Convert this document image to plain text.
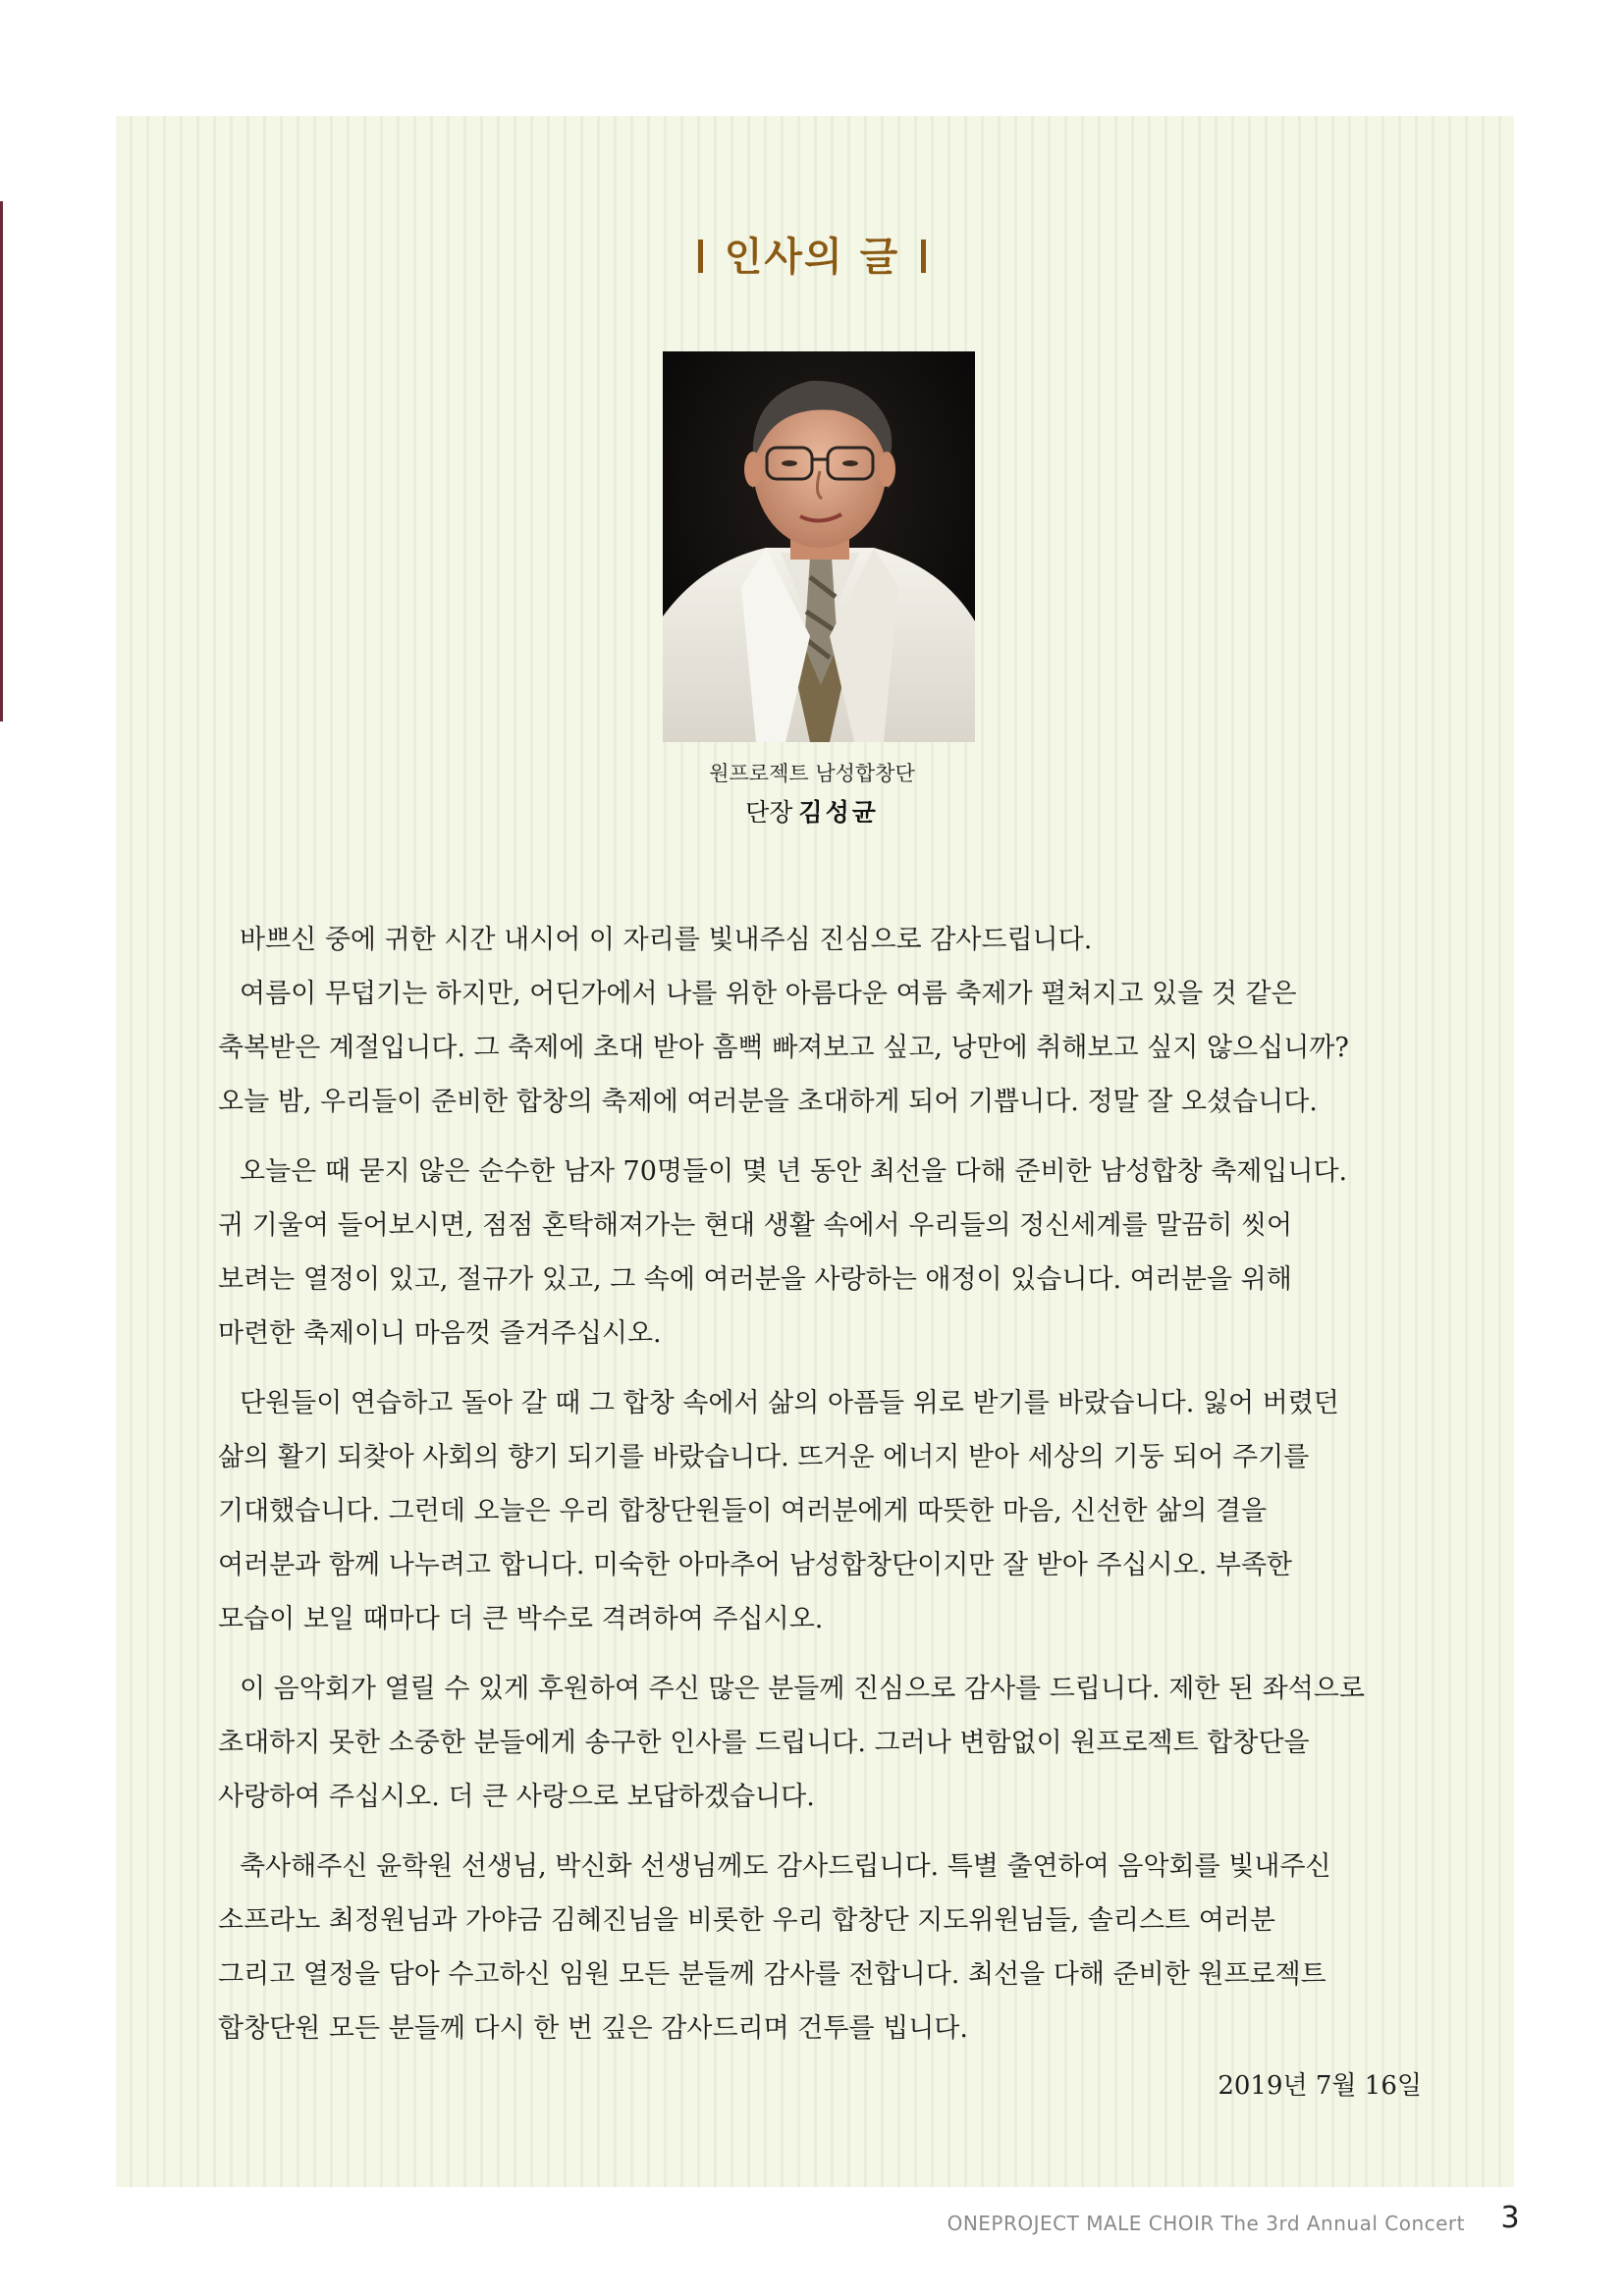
인사의 글
원프로젝트 남성합창단
단장 김성균
바쁘신 중에 귀한 시간 내시어 이 자리를 빛내주심 진심으로 감사드립니다.
여름이 무덥기는 하지만, 어딘가에서 나를 위한 아름다운 여름 축제가 펼쳐지고 있을 것 같은
축복받은 계절입니다. 그 축제에 초대 받아 흠뻑 빠져보고 싶고, 낭만에 취해보고 싶지 않으십니까?
오늘 밤, 우리들이 준비한 합창의 축제에 여러분을 초대하게 되어 기쁩니다. 정말 잘 오셨습니다.
오늘은 때 묻지 않은 순수한 남자 70명들이 몇 년 동안 최선을 다해 준비한 남성합창 축제입니다.
귀 기울여 들어보시면, 점점 혼탁해져가는 현대 생활 속에서 우리들의 정신세계를 말끔히 씻어
보려는 열정이 있고, 절규가 있고, 그 속에 여러분을 사랑하는 애정이 있습니다. 여러분을 위해
마련한 축제이니 마음껏 즐겨주십시오.
단원들이 연습하고 돌아 갈 때 그 합창 속에서 삶의 아픔들 위로 받기를 바랐습니다. 잃어 버렸던
삶의 활기 되찾아 사회의 향기 되기를 바랐습니다. 뜨거운 에너지 받아 세상의 기둥 되어 주기를
기대했습니다. 그런데 오늘은 우리 합창단원들이 여러분에게 따뜻한 마음, 신선한 삶의 결을
여러분과 함께 나누려고 합니다. 미숙한 아마추어 남성합창단이지만 잘 받아 주십시오. 부족한
모습이 보일 때마다 더 큰 박수로 격려하여 주십시오.
이 음악회가 열릴 수 있게 후원하여 주신 많은 분들께 진심으로 감사를 드립니다. 제한 된 좌석으로
초대하지 못한 소중한 분들에게 송구한 인사를 드립니다. 그러나 변함없이 원프로젝트 합창단을
사랑하여 주십시오. 더 큰 사랑으로 보답하겠습니다.
축사해주신 윤학원 선생님, 박신화 선생님께도 감사드립니다. 특별 출연하여 음악회를 빛내주신
소프라노 최정원님과 가야금 김혜진님을 비롯한 우리 합창단 지도위원님들, 솔리스트 여러분
그리고 열정을 담아 수고하신 임원 모든 분들께 감사를 전합니다. 최선을 다해 준비한 원프로젝트
합창단원 모든 분들께 다시 한 번 깊은 감사드리며 건투를 빕니다.
2019년 7월 16일
ONEPROJECT MALE CHOIR The 3rd Annual Concert	3
